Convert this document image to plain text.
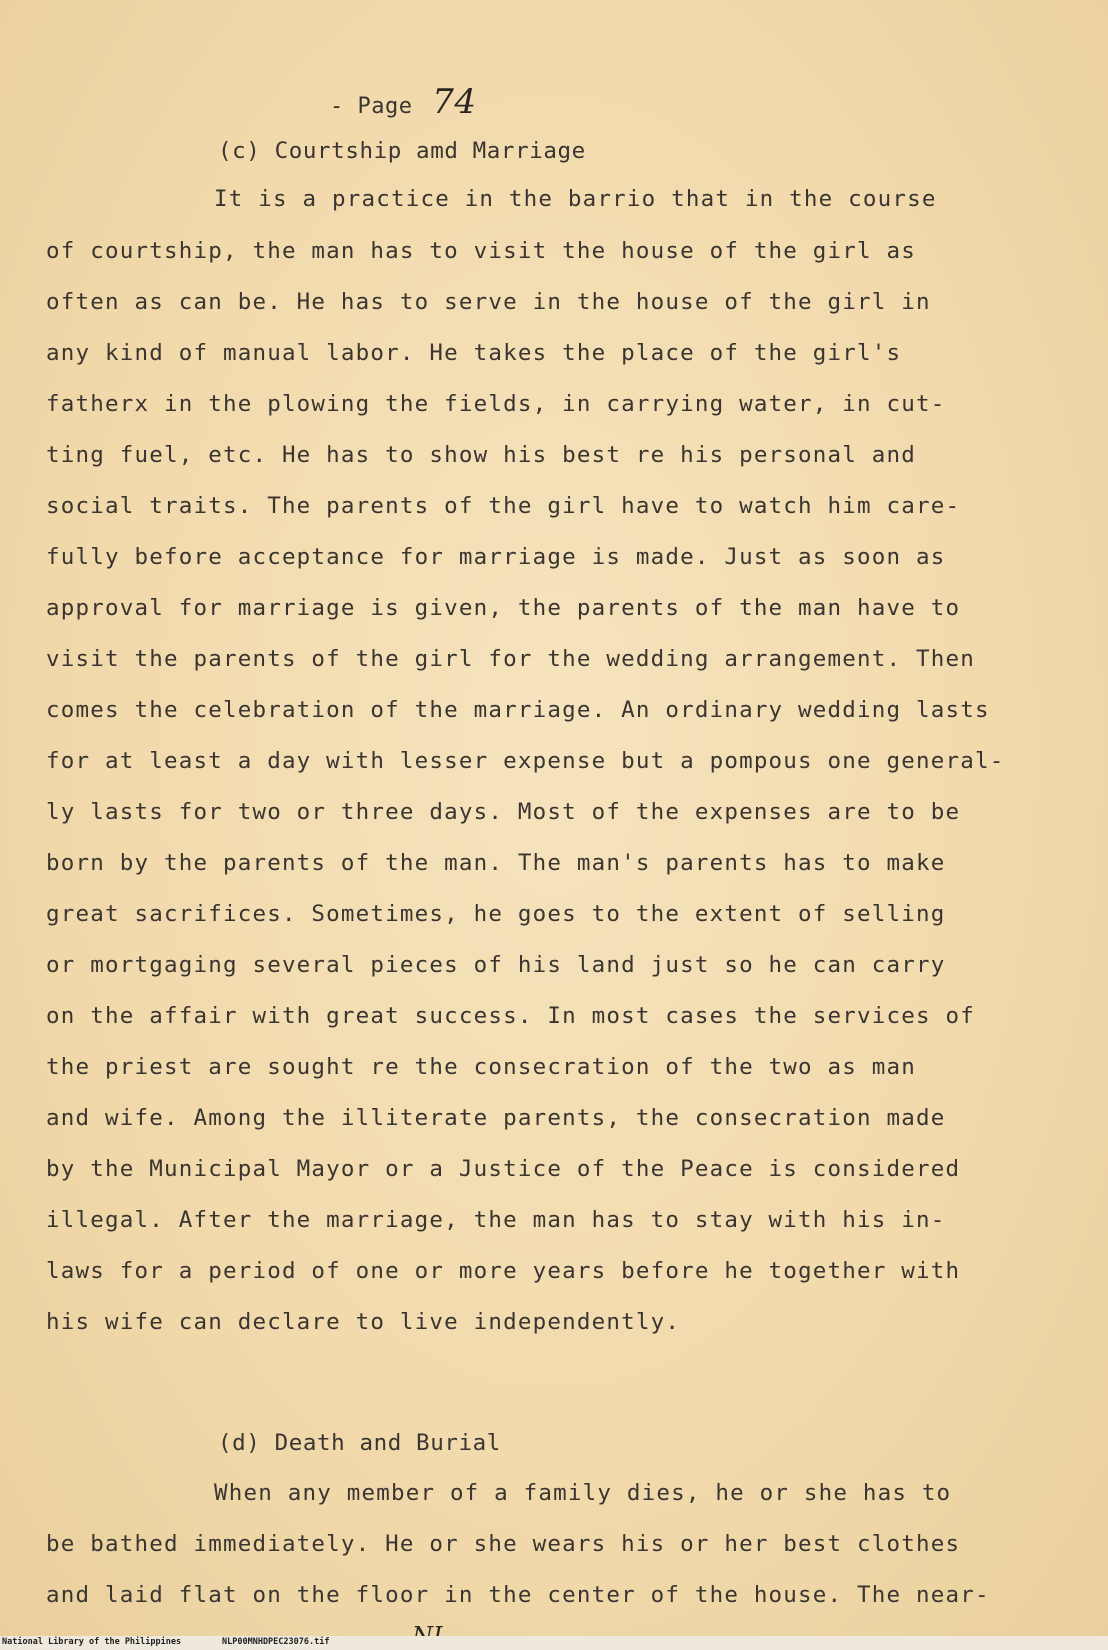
- Page 74
(c) Courtship amd Marriage
It is a practice in the barrio that in the course
of courtship, the man has to visit the house of the girl as
often as can be. He has to serve in the house of the girl in
any kind of manual labor. He takes the place of the girl's
fatherx in the plowing the fields, in carrying water, in cut-
ting fuel, etc. He has to show his best re his personal and
social traits. The parents of the girl have to watch him care-
fully before acceptance for marriage is made. Just as soon as
approval for marriage is given, the parents of the man have to
visit the parents of the girl for the wedding arrangement. Then
comes the celebration of the marriage. An ordinary wedding lasts
for at least a day with lesser expense but a pompous one general-
ly lasts for two or three days. Most of the expenses are to be
born by the parents of the man. The man's parents has to make
great sacrifices. Sometimes, he goes to the extent of selling
or mortgaging several pieces of his land just so he can carry
on the affair with great success. In most cases the services of
the priest are sought re the consecration of the two as man
and wife. Among the illiterate parents, the consecration made
by the Municipal Mayor or a Justice of the Peace is considered
illegal. After the marriage, the man has to stay with his in-
laws for a period of one or more years before he together with
his wife can declare to live independently.
(d) Death and Burial
When any member of a family dies, he or she has to
be bathed immediately. He or she wears his or her best clothes
and laid flat on the floor in the center of the house. The near-
National Library of the Philippines	NLP00MNHDPEC23076.tif
